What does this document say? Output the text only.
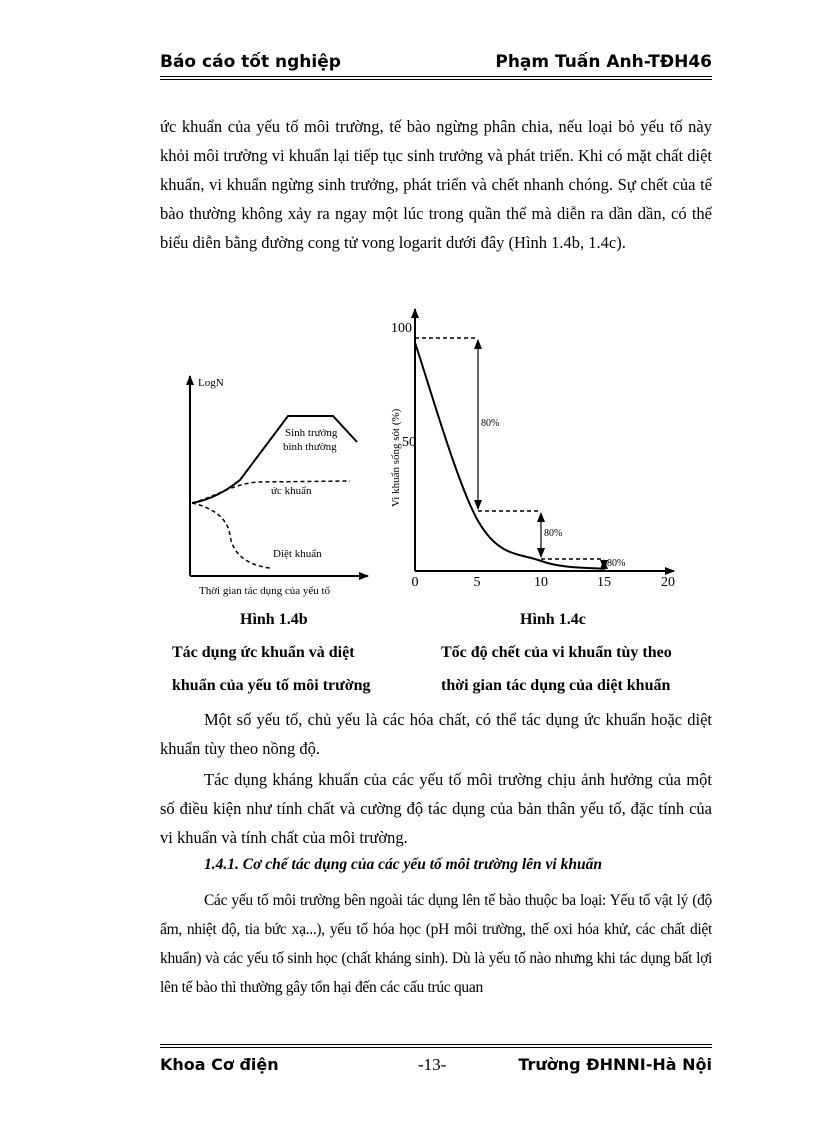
Báo cáo tốt nghiệp	Phạm Tuấn Anh-TĐH46

ức khuẩn của yếu tố môi trường, tế bào ngừng phân chia, nếu loại bỏ yếu tố này khỏi môi trường vi khuẩn lại tiếp tục sinh trưởng và phát triển. Khi có mặt chất diệt khuẩn, vi khuẩn ngừng sinh trưởng, phát triển và chết nhanh chóng. Sự chết của tế bào thường không xảy ra ngay một lúc trong quần thể mà diễn ra dần dần, có thể biểu diễn bằng đường cong tử vong logarit dưới đây (Hình 1.4b, 1.4c).

LogN
Thời gian tác dụng của yếu tố
Sinh trưởng
bình thường
ức khuẩn
Diệt khuẩn
100
50
0	5	10	15	20
Vi khuẩn sống sót (%)	80%
80%
80%
Hình 1.4b	Hình 1.4c
Tác dụng ức khuẩn và diệt	Tốc độ chết của vi khuẩn tùy theo
khuẩn của yếu tố môi trường	thời gian tác dụng của diệt khuẩn

Một số yếu tố, chủ yếu là các hóa chất, có thể tác dụng ức khuẩn hoặc diệt khuẩn tùy theo nồng độ.

Tác dụng kháng khuẩn của các yếu tố môi trường chịu ảnh hưởng của một số điều kiện như tính chất và cường độ tác dụng của bản thân yếu tố, đặc tính của vi khuẩn và tính chất của môi trường.

1.4.1. Cơ chế tác dụng của các yếu tố môi trường lên vi khuẩn

Các yếu tố môi trường bên ngoài tác dụng lên tế bào thuộc ba loại: Yếu tố vật lý (độ ẩm, nhiệt độ, tia bức xạ...), yếu tố hóa học (pH môi trường, thế oxi hóa khử, các chất diệt khuẩn) và các yếu tố sinh học (chất kháng sinh). Dù là yếu tố nào nhưng khi tác dụng bất lợi lên tế bào thì thường gây tổn hại đến các cấu trúc quan

Khoa Cơ điện	-13-	Trường ĐHNNI-Hà Nội
